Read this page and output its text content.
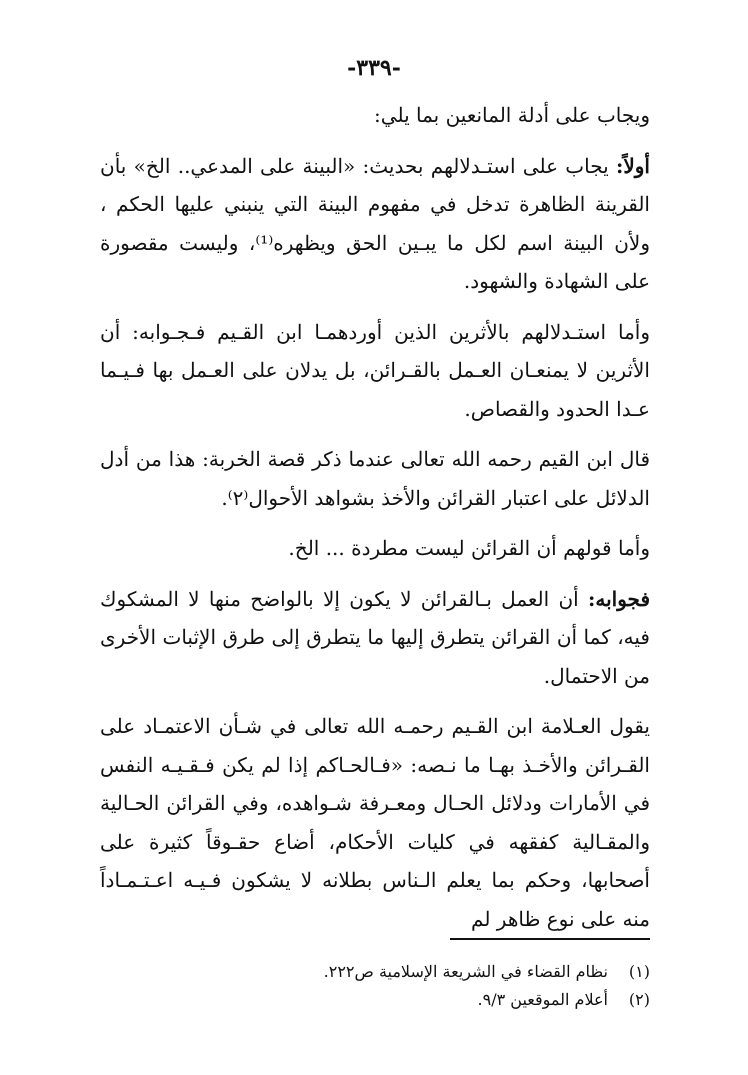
-٣٣٩-

ويجاب على أدلة المانعين بما يلي:

أولاً: يجاب على استـدلالهم بحديث: «البينة على المدعي.. الخ» بأن القرينة الظاهرة تدخل في مفهوم البينة التي ينبني عليها الحكم ، ولأن البينة اسم لكل ما يبـين الحق ويظهره⁽¹⁾، وليست مقصورة على الشهادة والشهود.

وأما استـدلالهم بالأثرين الذين أوردهمـا ابن القـيم فـجـوابه: أن الأثرين لا يمنعـان العـمل بالقـرائن، بل يدلان على العـمل بها فـيـما عـدا الحدود والقصاص.

قال ابن القيم رحمه الله تعالى عندما ذكر قصة الخربة: هذا من أدل الدلائل على اعتبار القرائن والأخذ بشواهد الأحوال⁽٢⁾.

وأما قولهم أن القرائن ليست مطردة ... الخ.

فجوابه: أن العمل بـالقرائن لا يكون إلا بالواضح منها لا المشكوك فيه، كما أن القرائن يتطرق إليها ما يتطرق إلى طرق الإثبات الأخرى من الاحتمال.

يقول العـلامة ابن القـيم رحمـه الله تعالى في شـأن الاعتمـاد على القـرائن والأخـذ بهـا ما نـصه: «فـالحـاكم إذا لم يكن فـقـيـه النفس في الأمارات ودلائل الحـال ومعـرفة شـواهده، وفي القرائن الحـالية والمقـالية كفقهه في كليات الأحكام، أضاع حقـوقاً كثيرة على أصحابها، وحكم بما يعلم الـناس بطلانه لا يشكون فـيـه اعـتـمـاداً منه على نوع ظاهر لم

(١)
نظام القضاء في الشريعة الإسلامية ص٢٢٢.
(٢)
أعلام الموقعين ٩/٣.
